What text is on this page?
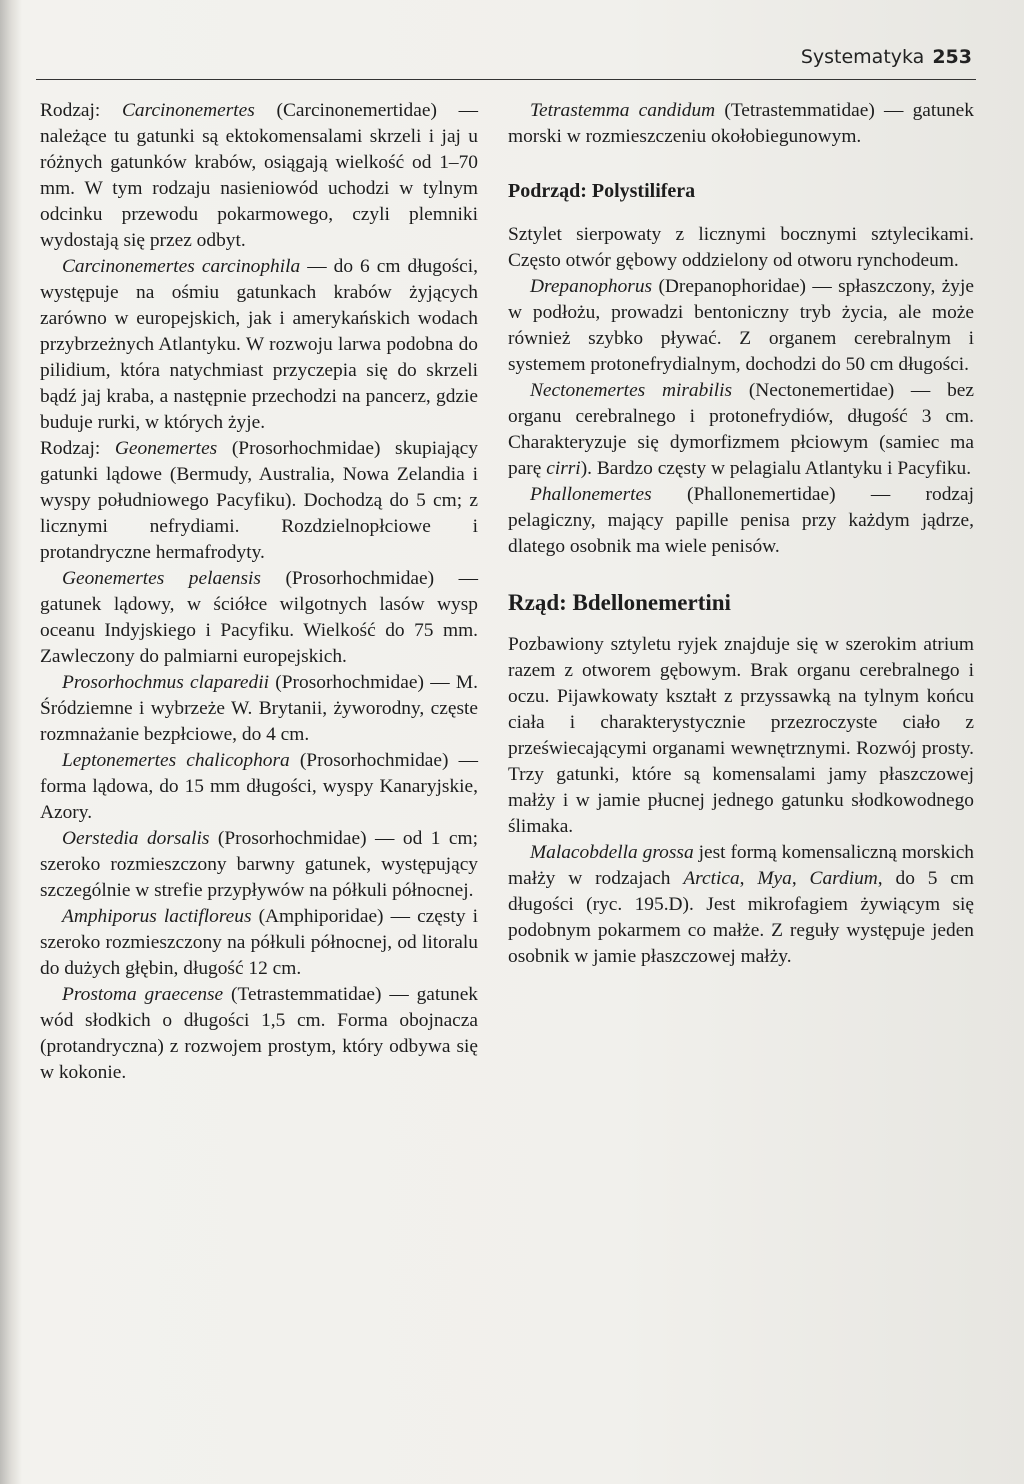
Systematyka 253

Rodzaj: Carcinonemertes (Carcinonemertidae) — należące tu gatunki są ektokomensalami skrzeli i jaj u różnych gatunków krabów, osiągają wielkość od 1–70 mm. W tym rodzaju nasieniowód uchodzi w tylnym odcinku przewodu pokarmowego, czyli plemniki wydostają się przez odbyt.

Carcinonemertes carcinophila — do 6 cm długości, występuje na ośmiu gatunkach krabów żyjących zarówno w europejskich, jak i amerykańskich wodach przybrzeżnych Atlantyku. W rozwoju larwa podobna do pilidium, która natychmiast przyczepia się do skrzeli bądź jaj kraba, a następnie przechodzi na pancerz, gdzie buduje rurki, w których żyje.

Rodzaj: Geonemertes (Prosorhochmidae) skupiający gatunki lądowe (Bermudy, Australia, Nowa Zelandia i wyspy południowego Pacyfiku). Dochodzą do 5 cm; z licznymi nefrydiami. Rozdzielnopłciowe i protandryczne hermafrodyty.

Geonemertes pelaensis (Prosorhochmidae) — gatunek lądowy, w ściółce wilgotnych lasów wysp oceanu Indyjskiego i Pacyfiku. Wielkość do 75 mm. Zawleczony do palmiarni europejskich.

Prosorhochmus claparedii (Prosorhochmidae) — M. Śródziemne i wybrzeże W. Brytanii, żyworodny, częste rozmnażanie bezpłciowe, do 4 cm.

Leptonemertes chalicophora (Prosorhochmidae) — forma lądowa, do 15 mm długości, wyspy Kanaryjskie, Azory.

Oerstedia dorsalis (Prosorhochmidae) — od 1 cm; szeroko rozmieszczony barwny gatunek, występujący szczególnie w strefie przypływów na półkuli północnej.

Amphiporus lactifloreus (Amphiporidae) — częsty i szeroko rozmieszczony na półkuli północnej, od litoralu do dużych głębin, długość 12 cm.

Prostoma graecense (Tetrastemmatidae) — gatunek wód słodkich o długości 1,5 cm. Forma obojnacza (protandryczna) z rozwojem prostym, który odbywa się w kokonie.

Tetrastemma candidum (Tetrastemmatidae) — gatunek morski w rozmieszczeniu okołobiegunowym.

Podrząd: Polystilifera

Sztylet sierpowaty z licznymi bocznymi sztylecikami. Często otwór gębowy oddzielony od otworu rynchodeum.

Drepanophorus (Drepanophoridae) — spłaszczony, żyje w podłożu, prowadzi bentoniczny tryb życia, ale może również szybko pływać. Z organem cerebralnym i systemem protonefrydialnym, dochodzi do 50 cm długości.

Nectonemertes mirabilis (Nectonemertidae) — bez organu cerebralnego i protonefrydiów, długość 3 cm. Charakteryzuje się dymorfizmem płciowym (samiec ma parę cirri). Bardzo częsty w pelagialu Atlantyku i Pacyfiku.

Phallonemertes (Phallonemertidae) — rodzaj pelagiczny, mający papille penisa przy każdym jądrze, dlatego osobnik ma wiele penisów.

Rząd: Bdellonemertini

Pozbawiony sztyletu ryjek znajduje się w szerokim atrium razem z otworem gębowym. Brak organu cerebralnego i oczu. Pijawkowaty kształt z przyssawką na tylnym końcu ciała i charakterystycznie przezroczyste ciało z przeświecającymi organami wewnętrznymi. Rozwój prosty. Trzy gatunki, które są komensalami jamy płaszczowej małży i w jamie płucnej jednego gatunku słodkowodnego ślimaka.

Malacobdella grossa jest formą komensaliczną morskich małży w rodzajach Arctica, Mya, Cardium, do 5 cm długości (ryc. 195.D). Jest mikrofagiem żywiącym się podobnym pokarmem co małże. Z reguły występuje jeden osobnik w jamie płaszczowej małży.
